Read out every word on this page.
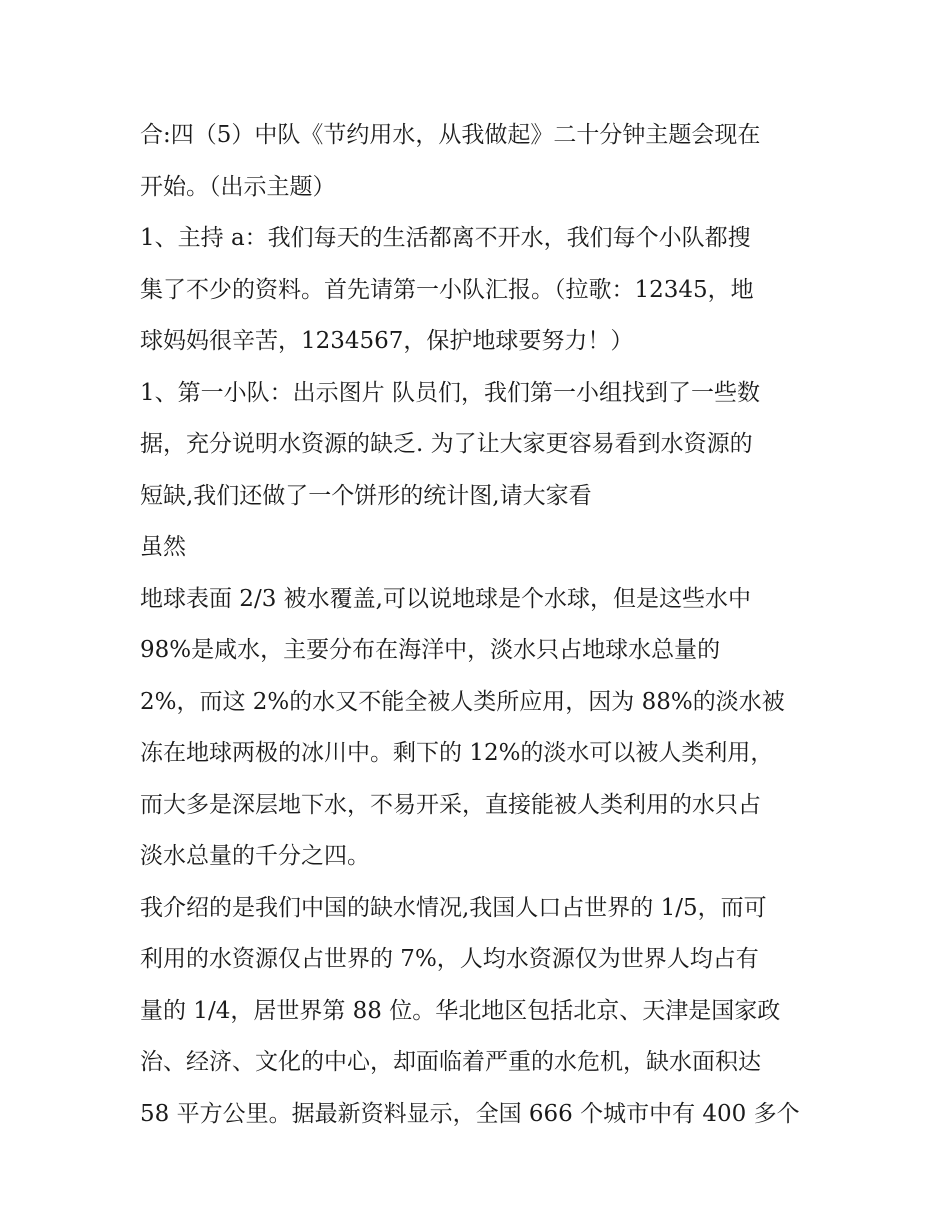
合:四（5）中队《节约用水，从我做起》二十分钟主题会现在
开始。（出示主题）
1、主持 a：我们每天的生活都离不开水，我们每个小队都搜
集了不少的资料。首先请第一小队汇报。（拉歌：12345，地
球妈妈很辛苦，1234567，保护地球要努力！）
1、第一小队：出示图片 队员们，我们第一小组找到了一些数
据，充分说明水资源的缺乏. 为了让大家更容易看到水资源的
短缺,我们还做了一个饼形的统计图,请大家看
虽然
地球表面 2/3 被水覆盖,可以说地球是个水球，但是这些水中
98%是咸水，主要分布在海洋中，淡水只占地球水总量的
2%，而这 2%的水又不能全被人类所应用，因为 88%的淡水被
冻在地球两极的冰川中。剩下的 12%的淡水可以被人类利用，
而大多是深层地下水，不易开采，直接能被人类利用的水只占
淡水总量的千分之四。
我介绍的是我们中国的缺水情况,我国人口占世界的 1/5，而可
利用的水资源仅占世界的 7%，人均水资源仅为世界人均占有
量的 1/4，居世界第 88 位。华北地区包括北京、天津是国家政
治、经济、文化的中心，却面临着严重的水危机，缺水面积达
58 平方公里。据最新资料显示，全国 666 个城市中有 400 多个
